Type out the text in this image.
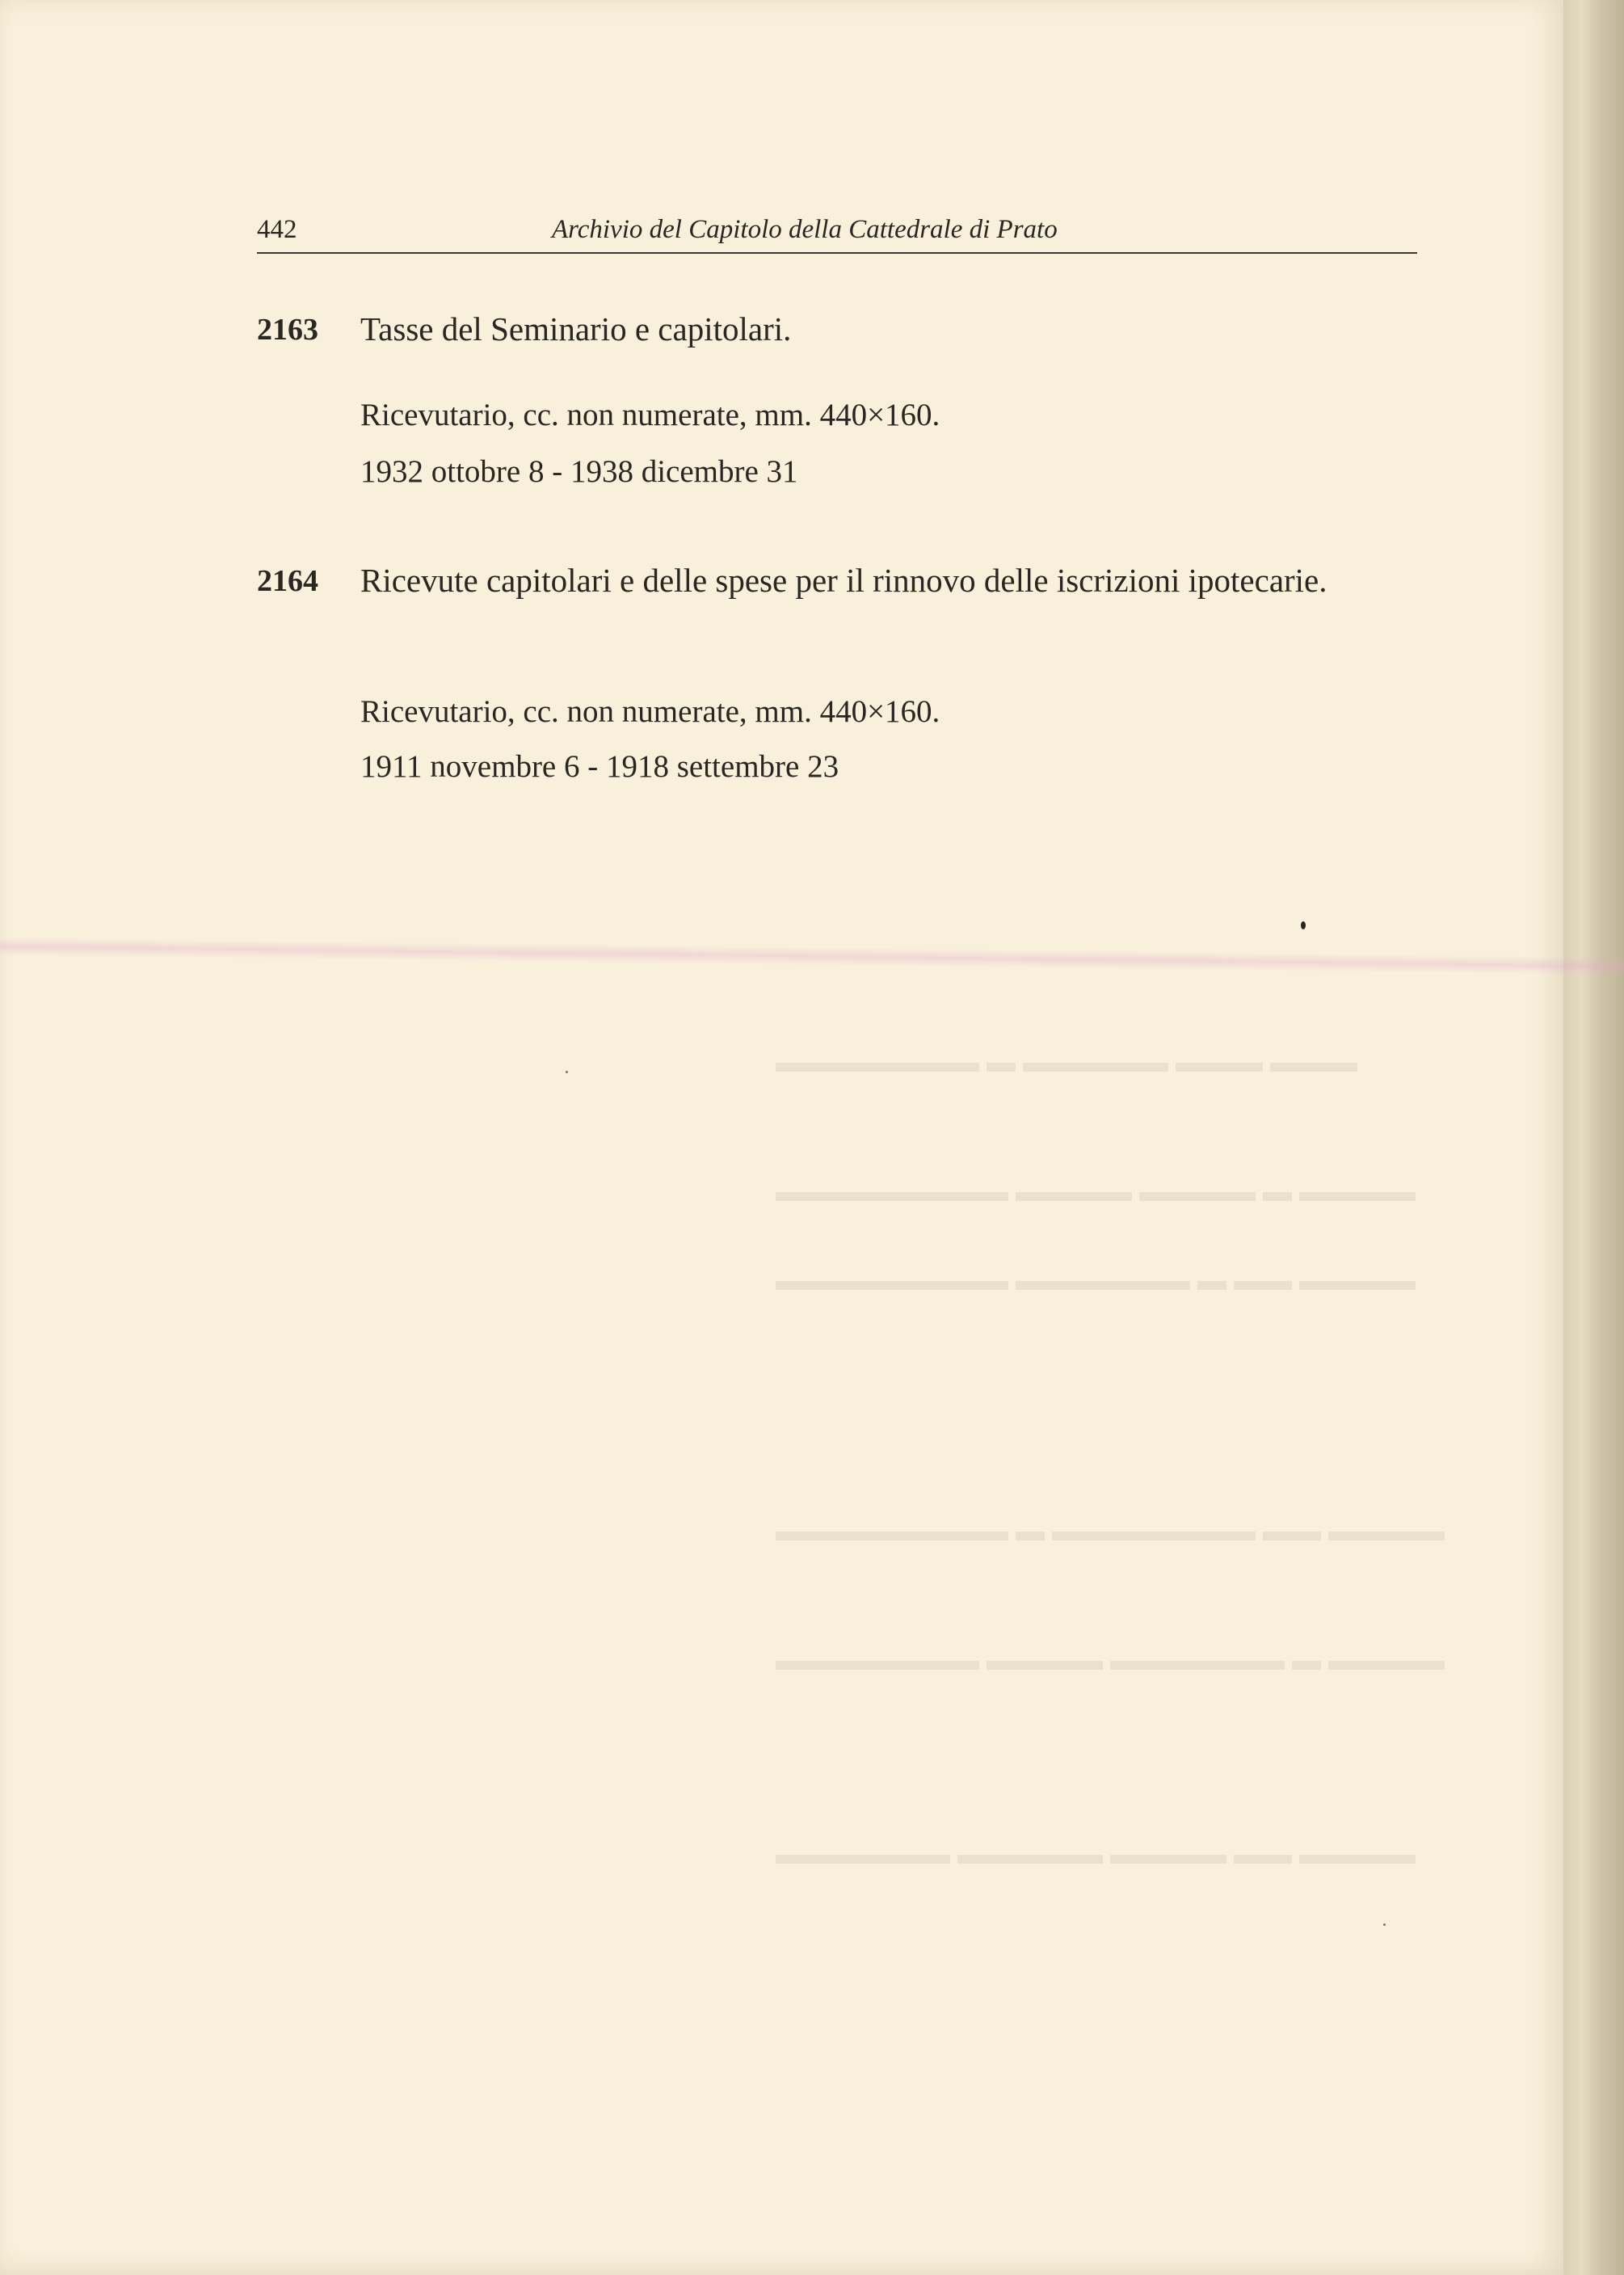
▬▬▬ ▬▬▬ ▬▬▬▬▬ ▬ ▬▬▬▬▬▬▬
▬▬▬▬ ▬ ▬▬▬▬ ▬▬▬▬ ▬▬▬▬▬▬▬▬
▬▬▬▬ ▬▬ ▬ ▬▬▬▬▬▬ ▬▬▬▬▬▬▬▬
▬▬▬▬ ▬▬ ▬▬▬▬▬▬▬ ▬ ▬▬▬▬▬▬▬▬
▬▬▬▬ ▬ ▬▬▬▬▬▬ ▬▬▬▬ ▬▬▬▬▬▬▬
▬▬▬▬ ▬▬ ▬▬▬▬ ▬▬▬▬▬ ▬▬▬▬▬▬
442	Archivio del Capitolo della Cattedrale di Prato
2163 Tasse del Seminario e capitolari.
Ricevutario, cc. non numerate, mm. 440×160.
1932 ottobre 8 - 1938 dicembre 31
2164 Ricevute capitolari e delle spese per il rinnovo delle iscrizioni ipotecarie.
Ricevutario, cc. non numerate, mm. 440×160.
1911 novembre 6 - 1918 settembre 23
